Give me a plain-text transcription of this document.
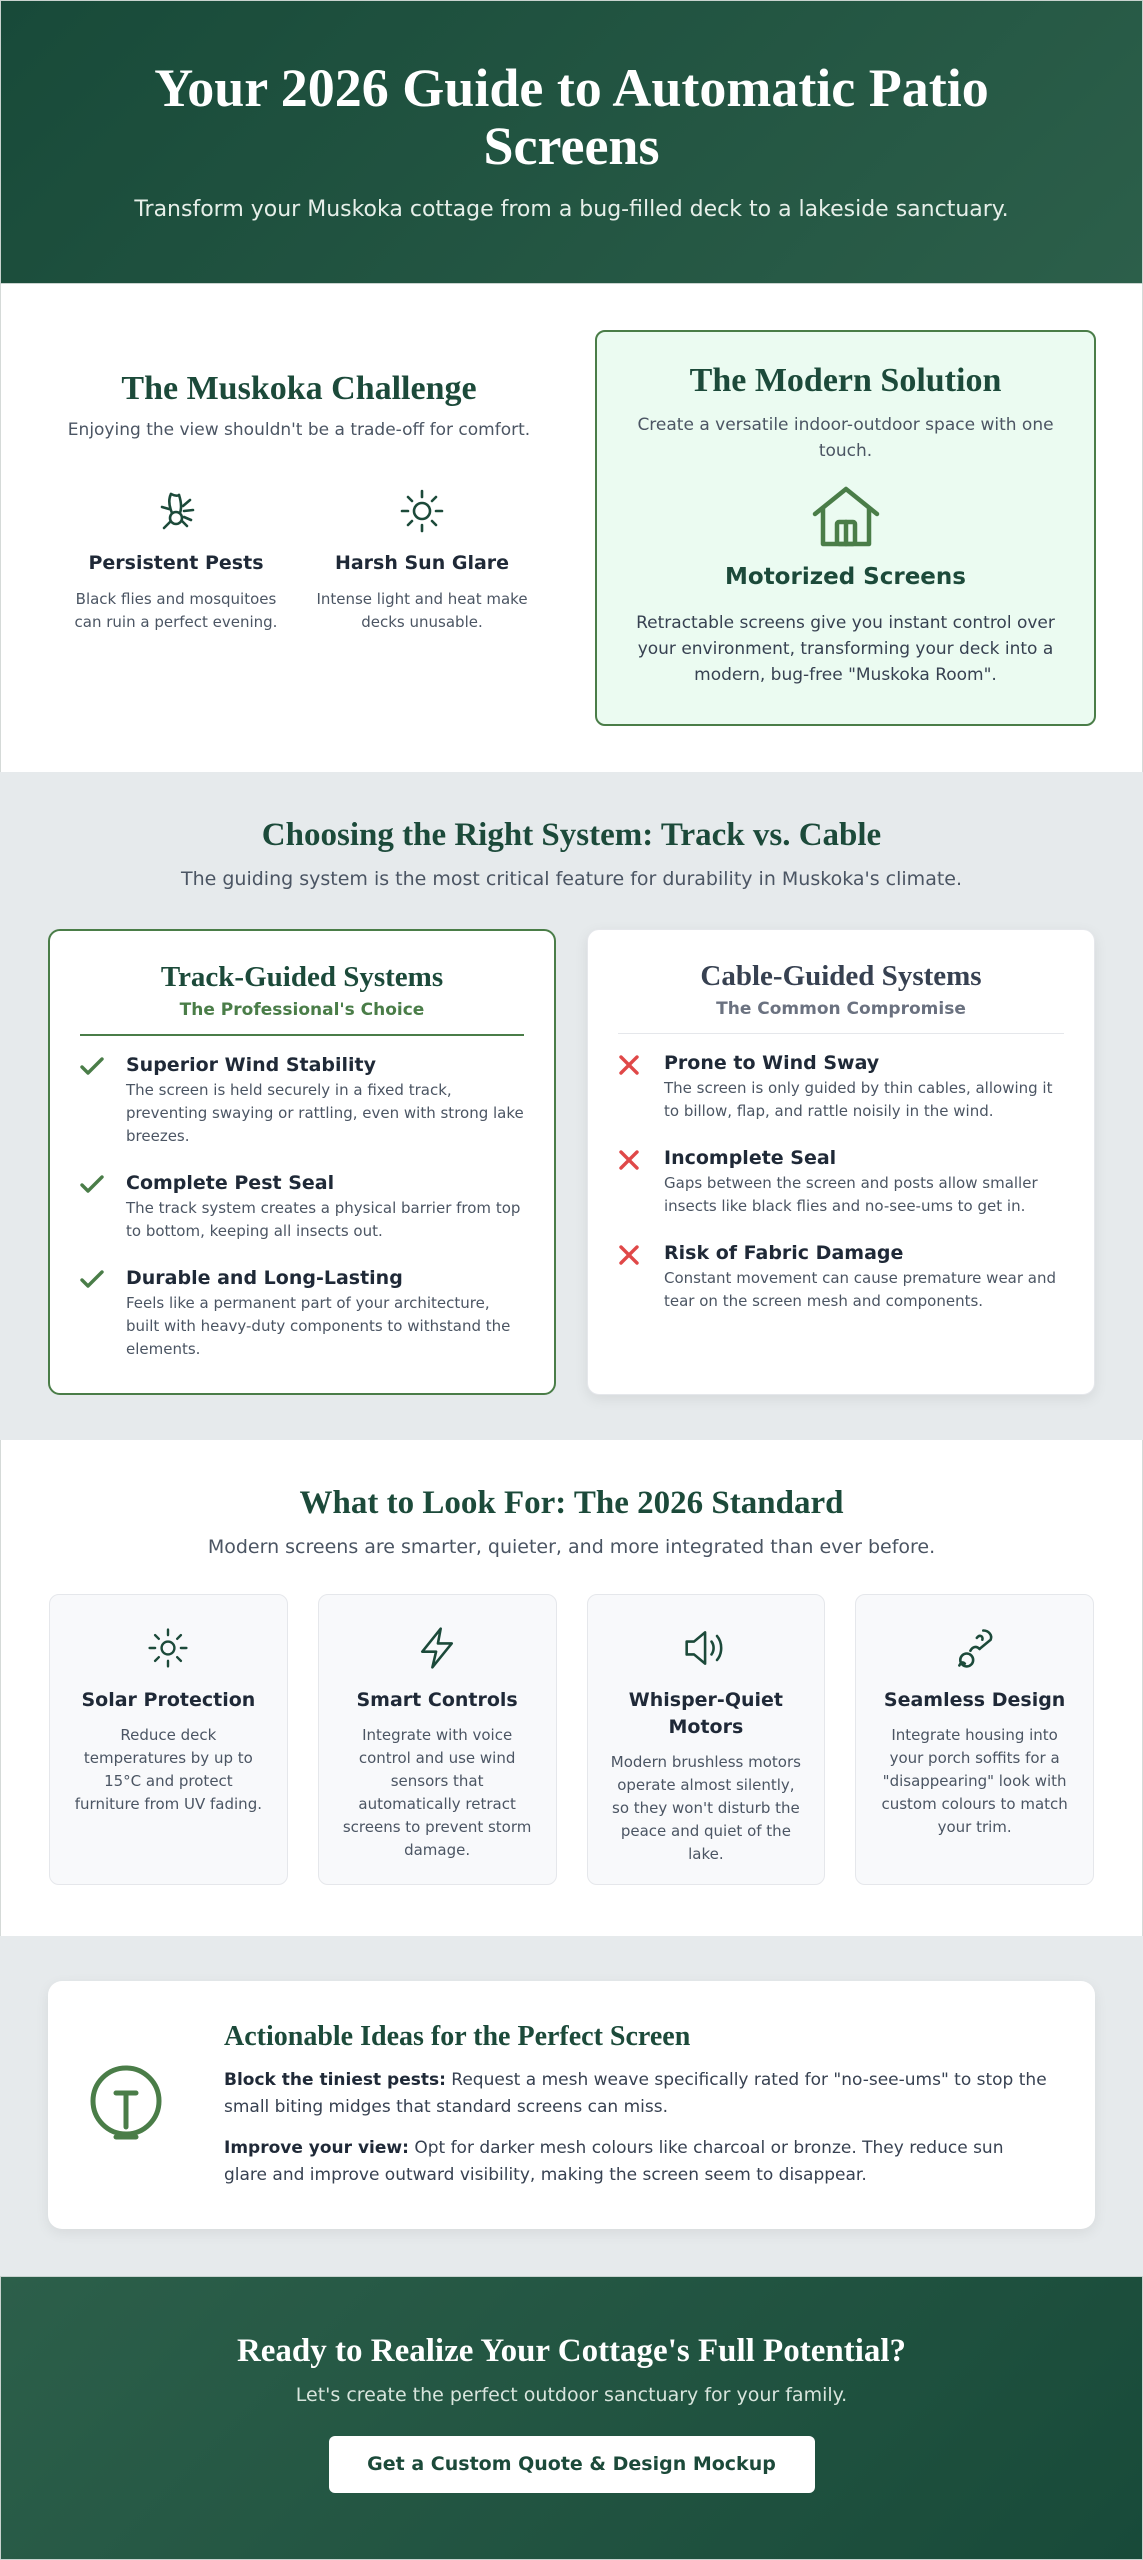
Your 2026 Guide to Automatic Patio Screens

Transform your Muskoka cottage from a bug-filled deck to a lakeside sanctuary.

The Muskoka Challenge
Enjoying the view shouldn't be a trade-off for comfort.
Persistent Pests

Black flies and mosquitoes can ruin a perfect evening.

Harsh Sun Glare

Intense light and heat make decks unusable.

The Modern Solution
Create a versatile indoor-outdoor space with one touch.
Motorized Screens

Retractable screens give you instant control over your environment, transforming your deck into a modern, bug-free "Muskoka Room".

Choosing the Right System: Track vs. Cable
The guiding system is the most critical feature for durability in Muskoka's climate.
Track-Guided Systems
The Professional's Choice
Superior Wind Stability

The screen is held securely in a fixed track, preventing swaying or rattling, even with strong lake breezes.

Complete Pest Seal

The track system creates a physical barrier from top to bottom, keeping all insects out.

Durable and Long-Lasting

Feels like a permanent part of your architecture, built with heavy-duty components to withstand the elements.

Cable-Guided Systems
The Common Compromise
Prone to Wind Sway

The screen is only guided by thin cables, allowing it to billow, flap, and rattle noisily in the wind.

Incomplete Seal

Gaps between the screen and posts allow smaller insects like black flies and no-see-ums to get in.

Risk of Fabric Damage

Constant movement can cause premature wear and tear on the screen mesh and components.

What to Look For: The 2026 Standard
Modern screens are smarter, quieter, and more integrated than ever before.
Solar Protection

Reduce deck temperatures by up to 15°C and protect furniture from UV fading.

Smart Controls

Integrate with voice control and use wind sensors that automatically retract screens to prevent storm damage.

Whisper-Quiet Motors

Modern brushless motors operate almost silently, so they won't disturb the peace and quiet of the lake.

Seamless Design

Integrate housing into your porch soffits for a "disappearing" look with custom colours to match your trim.

Actionable Ideas for the Perfect Screen

Block the tiniest pests: Request a mesh weave specifically rated for "no-see-ums" to stop the small biting midges that standard screens can miss.

Improve your view: Opt for darker mesh colours like charcoal or bronze. They reduce sun glare and improve outward visibility, making the screen seem to disappear.

Ready to Realize Your Cottage's Full Potential?

Let's create the perfect outdoor sanctuary for your family.

Get a Custom Quote & Design Mockup
